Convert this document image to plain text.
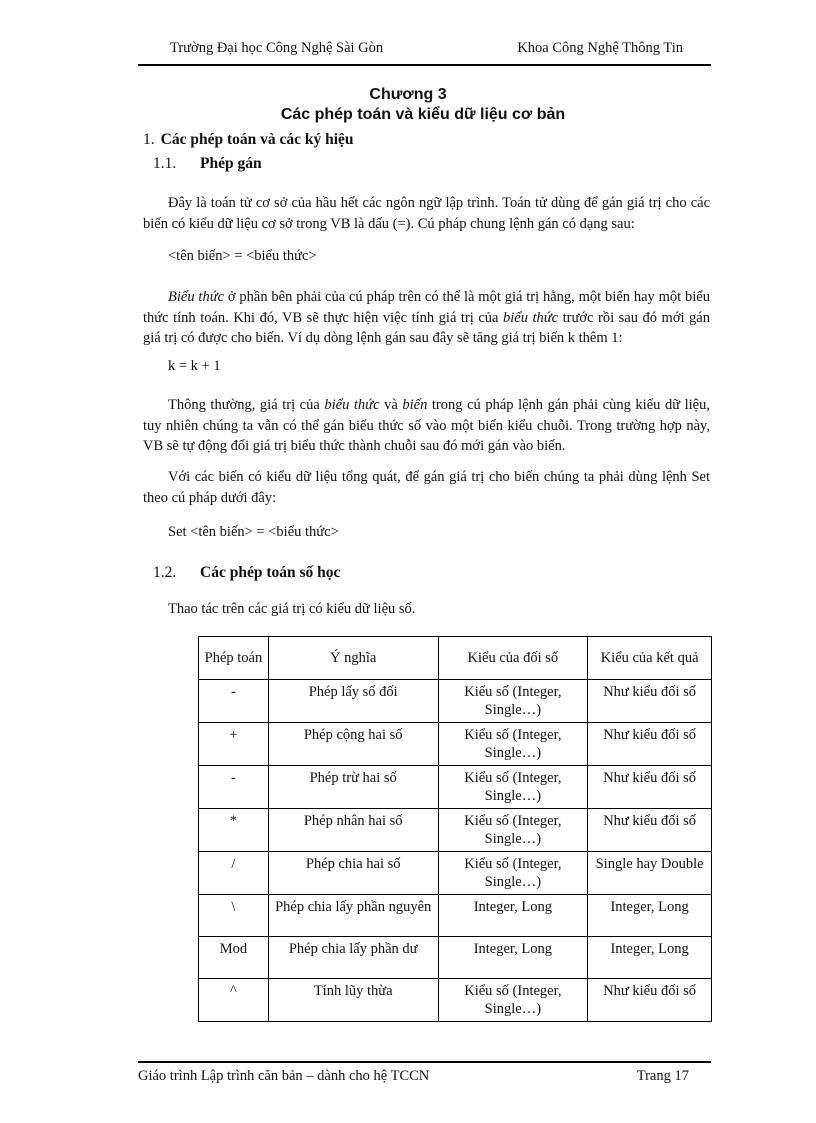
Trường Đại học Công Nghệ Sài Gòn	Khoa Công Nghệ Thông Tin
Chương 3
Các phép toán và kiểu dữ liệu cơ bản
1. Các phép toán và các ký hiệu
1.1. Phép gán

Đây là toán tử cơ sở của hầu hết các ngôn ngữ lập trình. Toán tử dùng để gán giá trị cho các biến có kiểu dữ liệu cơ sở trong VB là dấu (=). Cú pháp chung lệnh gán có dạng sau:

<tên biến> = <biểu thức>

Biểu thức ở phần bên phải của cú pháp trên có thể là một giá trị hằng, một biến hay một biểu thức tính toán. Khi đó, VB sẽ thực hiện việc tính giá trị của biểu thức trước rồi sau đó mới gán giá trị có được cho biến. Ví dụ dòng lệnh gán sau đây sẽ tăng giá trị biến k thêm 1:

k = k + 1

Thông thường, giá trị của biểu thức và biến trong cú pháp lệnh gán phải cùng kiểu dữ liệu, tuy nhiên chúng ta vẫn có thể gán biểu thức số vào một biến kiểu chuỗi. Trong trường hợp này, VB sẽ tự động đổi giá trị biểu thức thành chuỗi sau đó mới gán vào biến.

Với các biến có kiểu dữ liệu tổng quát, để gán giá trị cho biến chúng ta phải dùng lệnh Set theo cú pháp dưới đây:

Set <tên biến> = <biểu thức>
1.2. Các phép toán số học

Thao tác trên các giá trị có kiểu dữ liệu số.

Phép toán	Ý nghĩa	Kiểu của đối số	Kiểu của kết quả
-	Phép lấy số đối	Kiểu số (Integer, Single…)	Như kiểu đối số
+	Phép cộng hai số	Kiểu số (Integer, Single…)	Như kiểu đối số
-	Phép trừ hai số	Kiểu số (Integer, Single…)	Như kiểu đối số
*	Phép nhân hai số	Kiểu số (Integer, Single…)	Như kiểu đối số
/	Phép chia hai số	Kiểu số (Integer, Single…)	Single hay Double
\	Phép chia lấy phần nguyên	Integer, Long	Integer, Long
Mod	Phép chia lấy phần dư	Integer, Long	Integer, Long
^	Tính lũy thừa	Kiểu số (Integer, Single…)	Như kiểu đối số
Giáo trình Lập trình căn bản – dành cho hệ TCCN	Trang 17
